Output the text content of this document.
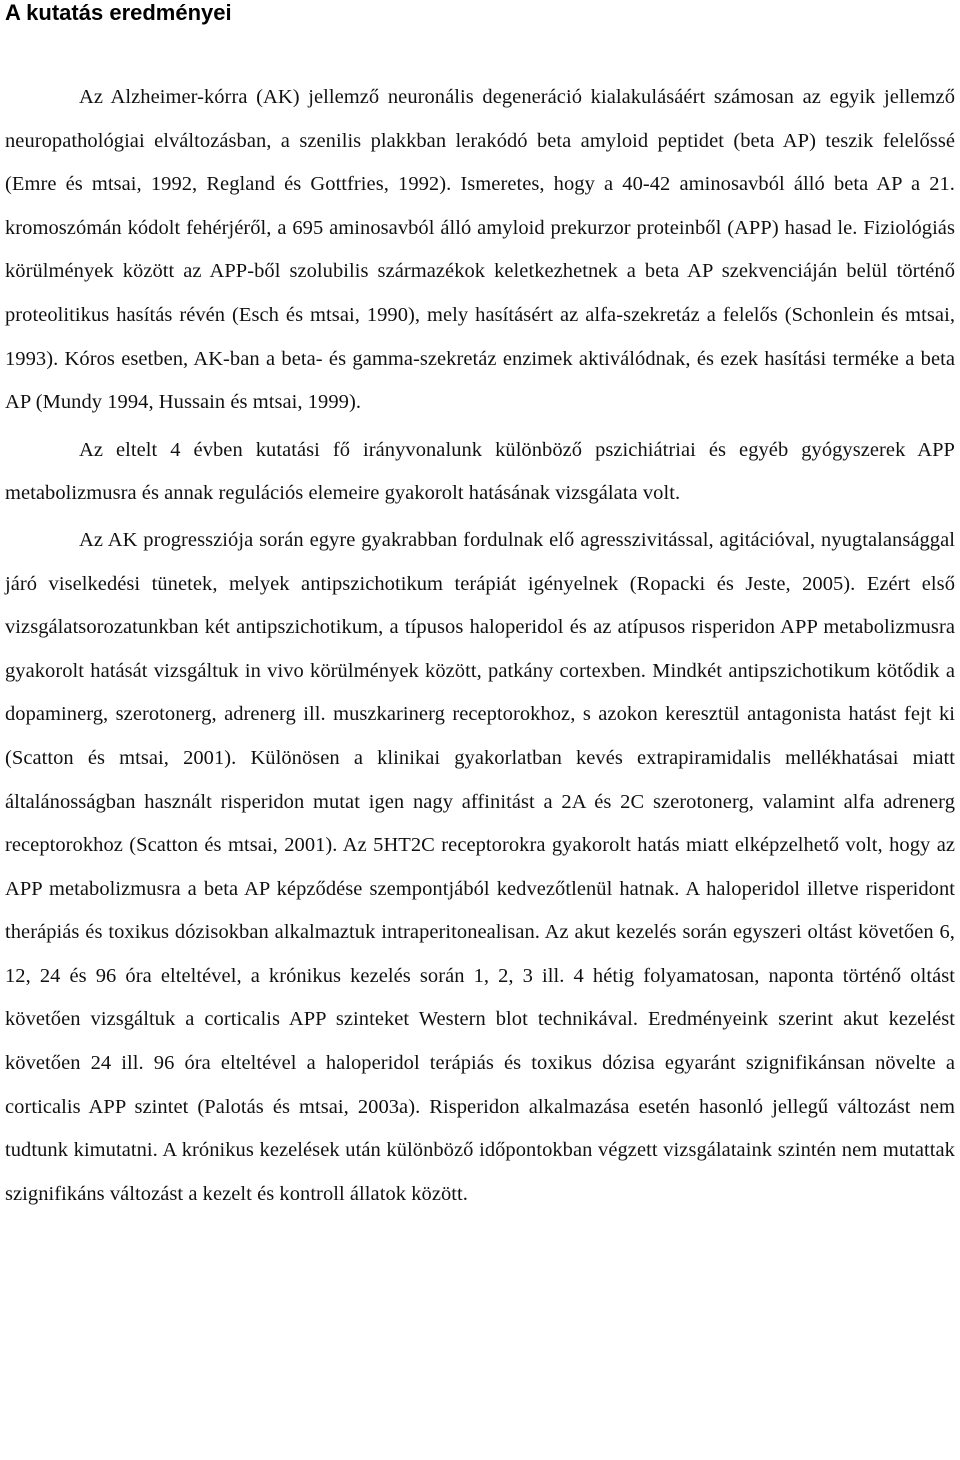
A kutatás eredményei

Az Alzheimer-kórra (AK) jellemző neuronális degeneráció kialakulásáért számosan az egyik jellemző neuropathológiai elváltozásban, a szenilis plakkban lerakódó beta amyloid peptidet (beta AP) teszik felelőssé (Emre és mtsai, 1992, Regland és Gottfries, 1992). Ismeretes, hogy a 40-42 aminosavból álló beta AP a 21. kromoszómán kódolt fehérjéről, a 695 aminosavból álló amyloid prekurzor proteinből (APP) hasad le. Fiziológiás körülmények között az APP-ből szolubilis származékok keletkezhetnek a beta AP szekvenciáján belül történő proteolitikus hasítás révén (Esch és mtsai, 1990), mely hasításért az alfa-szekretáz a felelős (Schonlein és mtsai, 1993). Kóros esetben, AK-ban a beta- és gamma-szekretáz enzimek aktiválódnak, és ezek hasítási terméke a beta AP (Mundy 1994, Hussain és mtsai, 1999).

Az eltelt 4 évben kutatási fő irányvonalunk különböző pszichiátriai és egyéb gyógyszerek APP metabolizmusra és annak regulációs elemeire gyakorolt hatásának vizsgálata volt.

Az AK progressziója során egyre gyakrabban fordulnak elő agresszivitással, agitációval, nyugtalansággal járó viselkedési tünetek, melyek antipszichotikum terápiát igényelnek (Ropacki és Jeste, 2005). Ezért első vizsgálatsorozatunkban két antipszichotikum, a típusos haloperidol és az atípusos risperidon APP metabolizmusra gyakorolt hatását vizsgáltuk in vivo körülmények között, patkány cortexben. Mindkét antipszichotikum kötődik a dopaminerg, szerotonerg, adrenerg ill. muszkarinerg receptorokhoz, s azokon keresztül antagonista hatást fejt ki (Scatton és mtsai, 2001). Különösen a klinikai gyakorlatban kevés extrapiramidalis mellékhatásai miatt általánosságban használt risperidon mutat igen nagy affinitást a 2A és 2C szerotonerg, valamint alfa adrenerg receptorokhoz (Scatton és mtsai, 2001). Az 5HT2C receptorokra gyakorolt hatás miatt elképzelhető volt, hogy az APP metabolizmusra a beta AP képződése szempontjából kedvezőtlenül hatnak. A haloperidol illetve risperidont therápiás és toxikus dózisokban alkalmaztuk intraperitonealisan. Az akut kezelés során egyszeri oltást követően 6, 12, 24 és 96 óra elteltével, a krónikus kezelés során 1, 2, 3 ill. 4 hétig folyamatosan, naponta történő oltást követően vizsgáltuk a corticalis APP szinteket Western blot technikával. Eredményeink szerint akut kezelést követően 24 ill. 96 óra elteltével a haloperidol terápiás és toxikus dózisa egyaránt szignifikánsan növelte a corticalis APP szintet (Palotás és mtsai, 2003a). Risperidon alkalmazása esetén hasonló jellegű változást nem tudtunk kimutatni. A krónikus kezelések után különböző időpontokban végzett vizsgálataink szintén nem mutattak szignifikáns változást a kezelt és kontroll állatok között.
